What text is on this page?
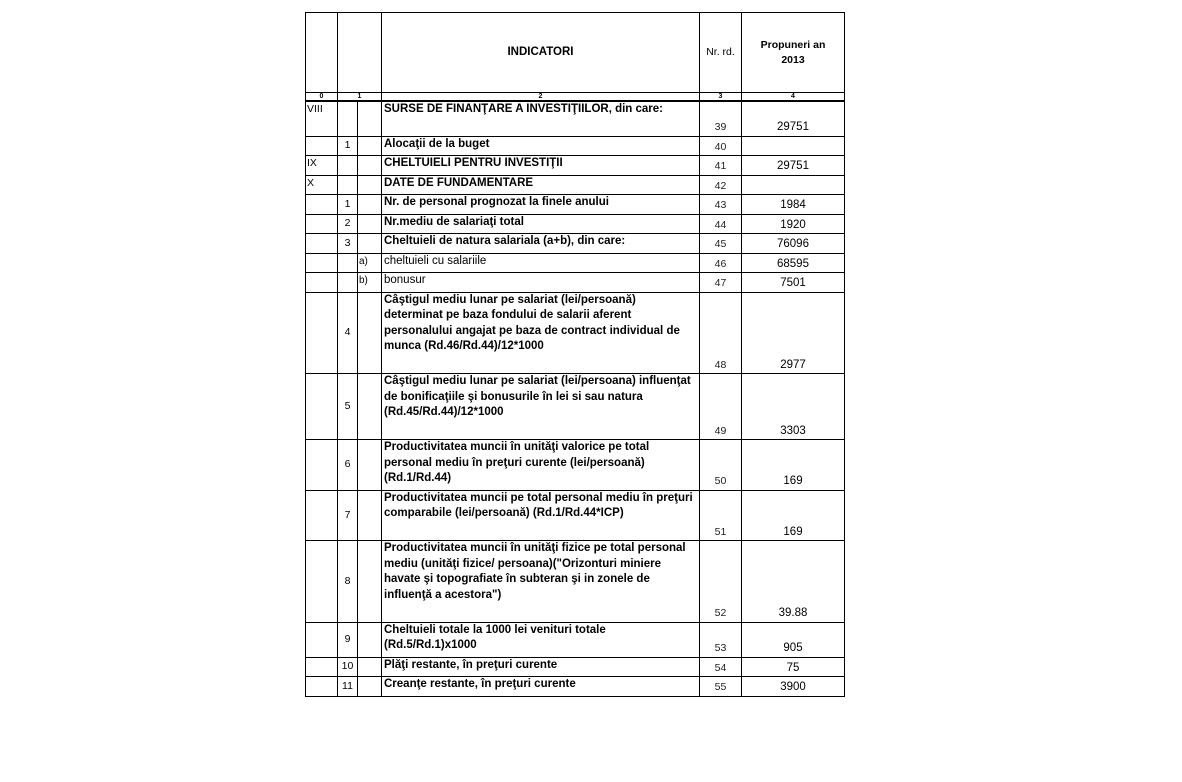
			INDICATORI	Nr. rd.	Propuneri an
2013
0	1		2	3	4
VIII			SURSE DE FINANŢARE A INVESTIŢIILOR, din care:	39	29751
	1		Alocaţii de la buget	40	
IX			CHELTUIELI PENTRU INVESTIŢII	41	29751
X			DATE DE FUNDAMENTARE	42	
	1		Nr. de personal prognozat la finele anului	43	1984
	2		Nr.mediu de salariaţi total	44	1920
	3		Cheltuieli de natura salariala (a+b), din care:	45	76096
		a)	cheltuieli cu salariile	46	68595
		b)	bonusur	47	7501
	4		Câştigul mediu lunar pe salariat (lei/persoană) determinat pe baza fondului de salarii aferent personalului angajat pe baza de contract individual de munca (Rd.46/Rd.44)/12*1000	48	2977
	5		Câştigul mediu lunar pe salariat (lei/persoana) influenţat de bonificaţiile şi bonusurile în lei si sau natura (Rd.45/Rd.44)/12*1000	49	3303
	6		Productivitatea muncii în unităţi valorice pe total personal mediu în preţuri curente (lei/persoană) (Rd.1/Rd.44)	50	169
	7		Productivitatea muncii pe total personal mediu în preţuri comparabile (lei/persoană) (Rd.1/Rd.44*ICP)	51	169
	8		Productivitatea muncii în unităţi fizice pe total personal mediu (unităţi fizice/ persoana)("Orizonturi miniere havate şi topografiate în subteran şi in zonele de influenţă a acestora")	52	39.88
	9		Cheltuieli totale la 1000 lei venituri totale (Rd.5/Rd.1)x1000	53	905
	10		Plăţi restante, în preţuri curente	54	75
	11		Creanţe restante, în preţuri curente	55	3900
